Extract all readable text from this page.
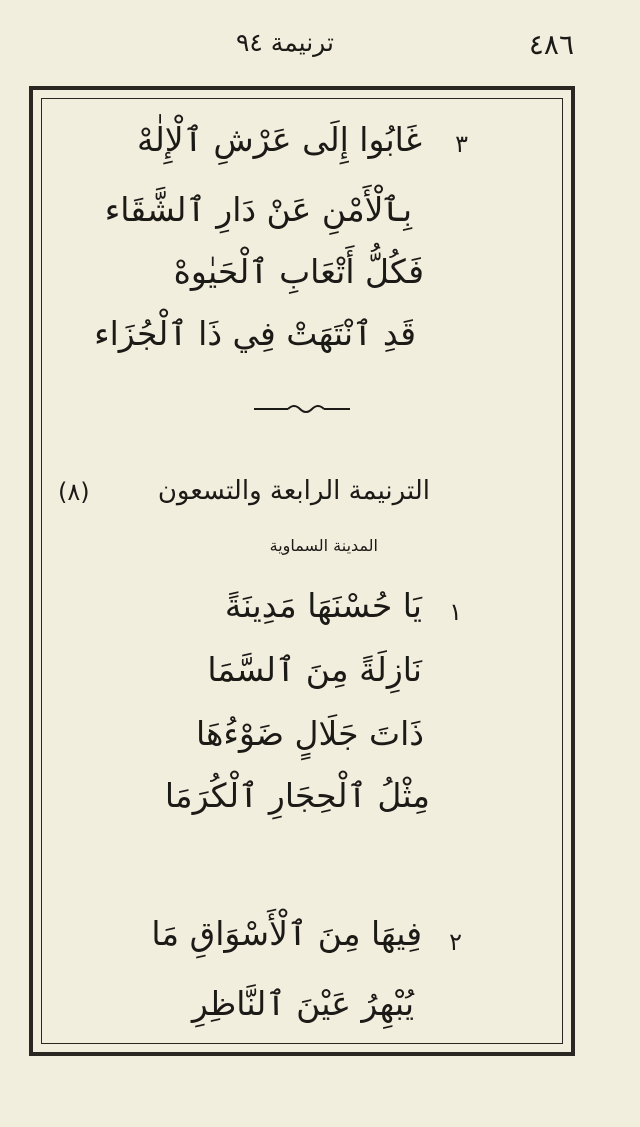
٤٨٦
ترنيمة ٩٤
٣
غَابُوا إِلَى عَرْشِ ٱلْإِلٰهْ
بِٱلْأَمْنِ عَنْ دَارِ ٱلشَّقَاء
فَكُلُّ أَتْعَابِ ٱلْحَيٰوهْ
قَدِ ٱنْتَهَتْ فِي ذَا ٱلْجُزَاء
الترنيمة الرابعة والتسعون
(٨)
المدينة السماوية
١
يَا حُسْنَهَا مَدِينَةً
نَازِلَةً مِنَ ٱلسَّمَا
ذَاتَ جَلَالٍ ضَوْءُهَا
مِثْلُ ٱلْحِجَارِ ٱلْكُرَمَا
٢
فِيهَا مِنَ ٱلْأَسْوَاقِ مَا
يُبْهِرُ عَيْنَ ٱلنَّاظِرِ
